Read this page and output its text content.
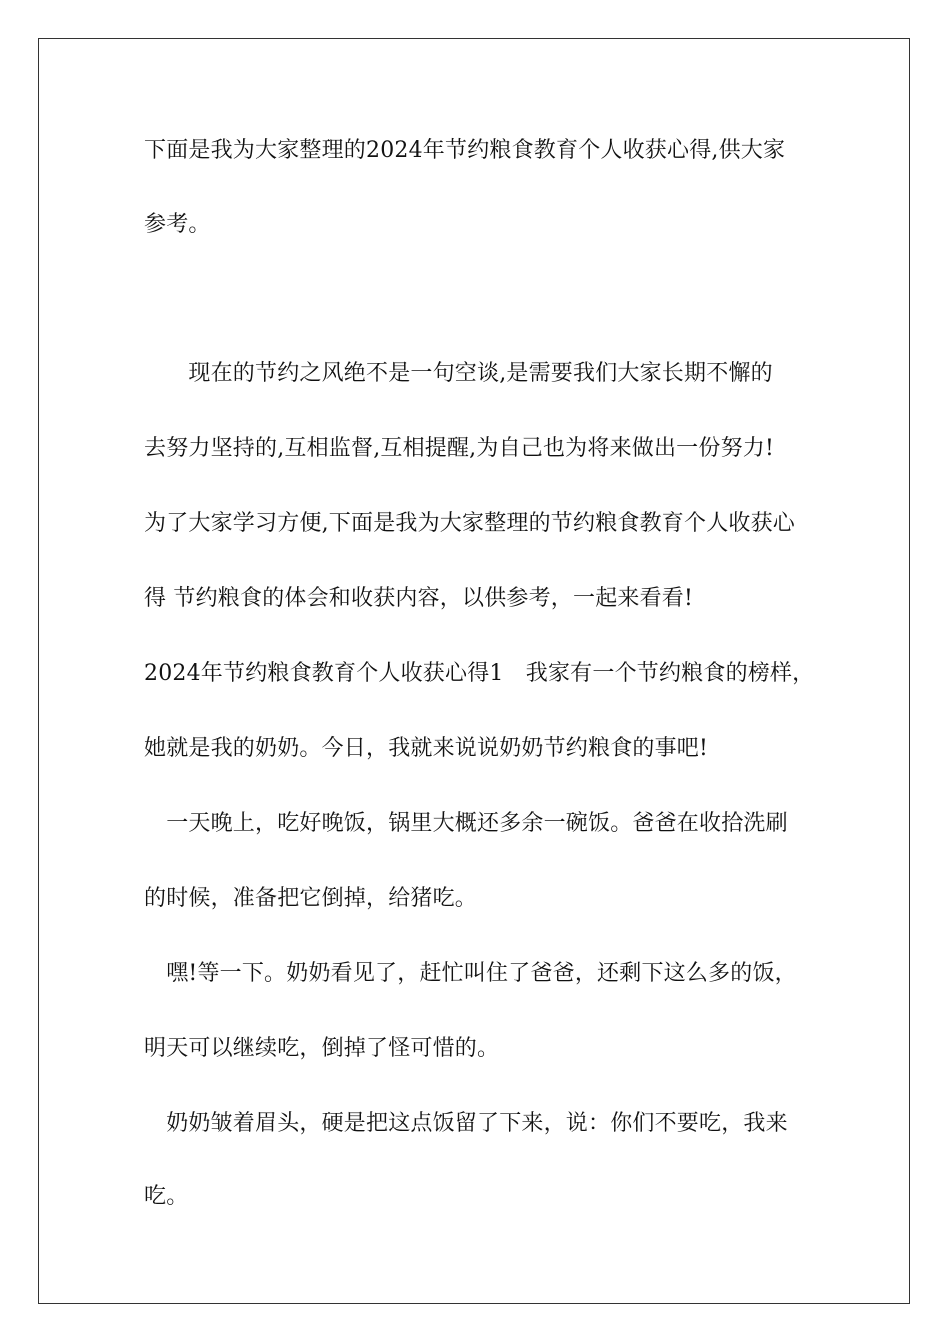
下面是我为大家整理的2024年节约粮食教育个人收获心得,供大家
参考。
　　现在的节约之风绝不是一句空谈,是需要我们大家长期不懈的
去努力坚持的,互相监督,互相提醒,为自己也为将来做出一份努力!
为了大家学习方便,下面是我为大家整理的节约粮食教育个人收获心
得 节约粮食的体会和收获内容，以供参考，一起来看看!
2024年节约粮食教育个人收获心得1　我家有一个节约粮食的榜样，
她就是我的奶奶。今日，我就来说说奶奶节约粮食的事吧!
　一天晚上，吃好晚饭，锅里大概还多余一碗饭。爸爸在收拾洗刷
的时候，准备把它倒掉，给猪吃。
　嘿!等一下。奶奶看见了，赶忙叫住了爸爸，还剩下这么多的饭，
明天可以继续吃，倒掉了怪可惜的。
　奶奶皱着眉头，硬是把这点饭留了下来，说：你们不要吃，我来
吃。
